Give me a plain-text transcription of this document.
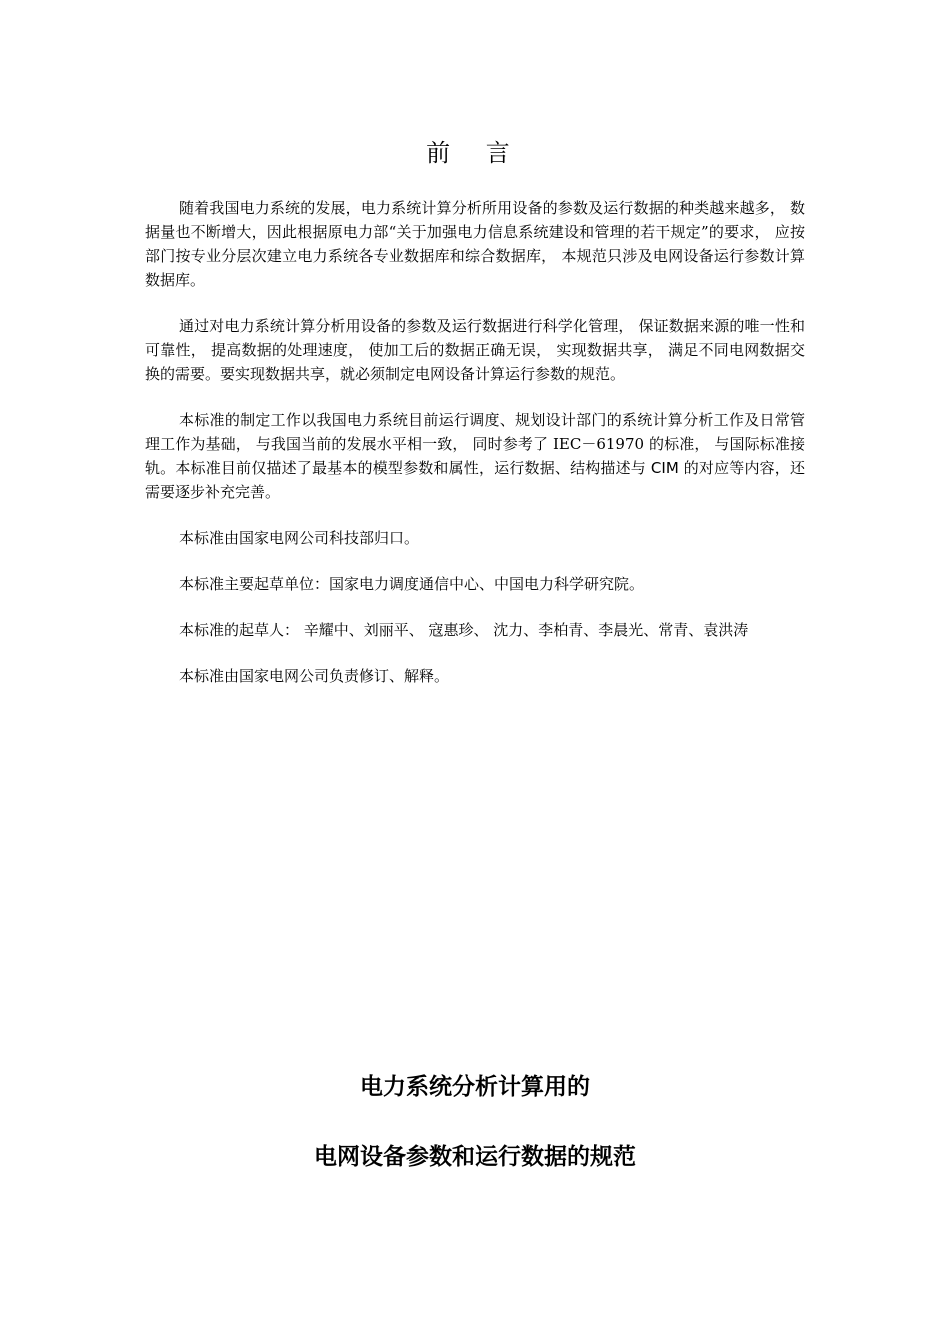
前 言

随着我国电力系统的发展，电力系统计算分析所用设备的参数及运行数据的种类越来越多， 数据量也不断增大，因此根据原电力部“关于加强电力信息系统建设和管理的若干规定”的要求， 应按部门按专业分层次建立电力系统各专业数据库和综合数据库， 本规范只涉及电网设备运行参数计算数据库。

通过对电力系统计算分析用设备的参数及运行数据进行科学化管理， 保证数据来源的唯一性和可靠性， 提高数据的处理速度， 使加工后的数据正确无误， 实现数据共享， 满足不同电网数据交换的需要。要实现数据共享，就必须制定电网设备计算运行参数的规范。

本标准的制定工作以我国电力系统目前运行调度、规划设计部门的系统计算分析工作及日常管理工作为基础， 与我国当前的发展水平相一致， 同时参考了 IEC－61970 的标准， 与国际标准接轨。本标准目前仅描述了最基本的模型参数和属性，运行数据、结构描述与 CIM 的对应等内容，还需要逐步补充完善。

本标准由国家电网公司科技部归口。

本标准主要起草单位：国家电力调度通信中心、中国电力科学研究院。

本标准的起草人： 辛耀中、刘丽平、 寇惠珍、 沈力、李柏青、李晨光、常青、袁洪涛

本标准由国家电网公司负责修订、解释。

电力系统分析计算用的
电网设备参数和运行数据的规范
